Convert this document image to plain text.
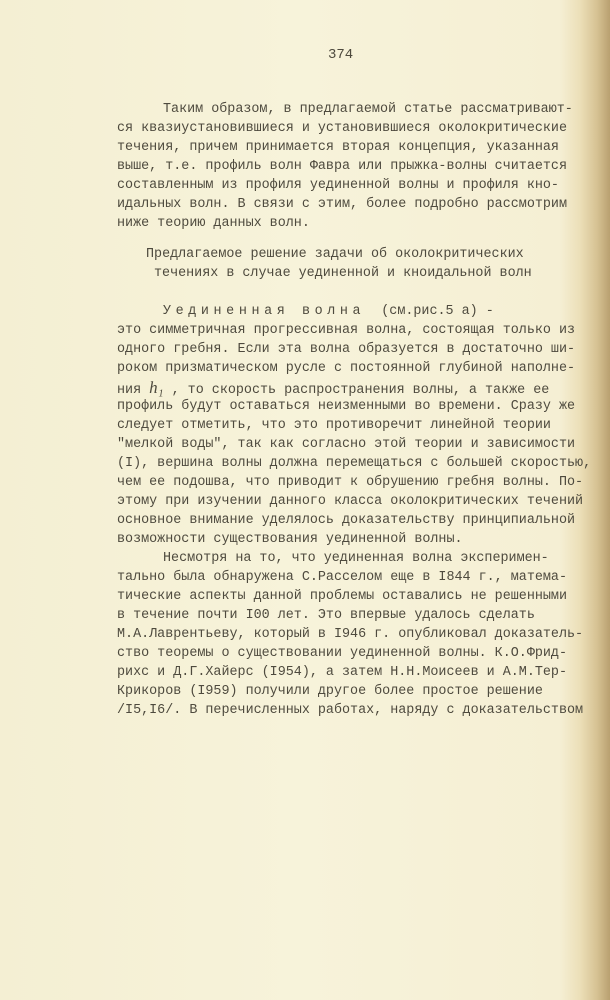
374
Таким образом, в предлагаемой статье рассматривают-
ся квазиустановившиеся и установившиеся околокритические
течения, причем принимается вторая концепция, указанная
выше, т.е. профиль волн Фавра или прыжка-волны считается
составленным из профиля уединенной волны и профиля кно-
идальных волн. В связи с этим, более подробно рассмотрим
ниже теорию данных волн.
Предлагаемое решение задачи об околокритических
течениях в случае уединенной и кноидальной волн
Уединенная волна (см.рис.5 а) -
это симметричная прогрессивная волна, состоящая только из
одного гребня. Если эта волна образуется в достаточно ши-
роком призматическом русле с постоянной глубиной наполне-
ния h₁ , то скорость распространения волны, а также ее
профиль будут оставаться неизменными во времени. Сразу же
следует отметить, что это противоречит линейной теории
"мелкой воды", так как согласно этой теории и зависимости
(I), вершина волны должна перемещаться с большей скоростью,
чем ее подошва, что приводит к обрушению гребня волны. По-
этому при изучении данного класса околокритических течений
основное внимание уделялось доказательству принципиальной
возможности существования уединенной волны.
Несмотря на то, что уединенная волна эксперимен-
тально была обнаружена С.Расселом еще в I844 г., матема-
тические аспекты данной проблемы оставались не решенными
в течение почти I00 лет. Это впервые удалось сделать
М.А.Лаврентьеву, который в I946 г. опубликовал доказатель-
ство теоремы о существовании уединенной волны. К.О.Фрид-
рихс и Д.Г.Хайерс (I954), а затем Н.Н.Моисеев и А.М.Тер-
Крикоров (I959) получили другое более простое решение
/I5,I6/. В перечисленных работах, наряду с доказательством
